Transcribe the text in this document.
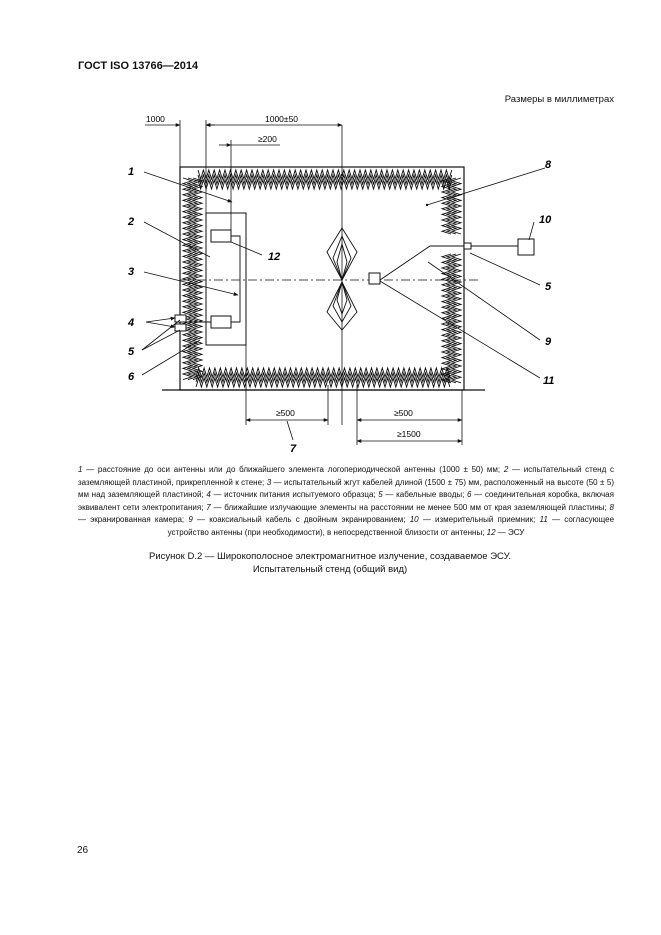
ГОСТ ISO 13766—2014
Размеры в миллиметрах
1000	1000±50
≥200
≥500	≥500
≥1500
1
2
3
4
5
6
12
8
10
5
9
11
7
1 — расстояние до оси антенны или до ближайшего элемента логопериодической антенны (1000 ± 50) мм; 2 — испытательный стенд с заземляющей пластиной, прикрепленной к стене; 3 — испытательный жгут кабелей длиной (1500 ± 75) мм, расположенный на высоте (50 ± 5) мм над заземляющей пластиной; 4 — источник питания испытуемого образца; 5 — кабельные вводы; 6 — соединительная коробка, включая эквивалент сети электропитания; 7 — ближайшие излучающие элементы на расстоянии не менее 500 мм от края заземляющей пластины; 8 — экранированная камера; 9 — коаксиальный кабель с двойным экранированием; 10 — измерительный приемник; 11 — согласующее устройство антенны (при необходимости), в непосредственной близости от антенны; 12 — ЭСУ
Рисунок D.2 — Широкополосное электромагнитное излучение, создаваемое ЭСУ.
Испытательный стенд (общий вид)
26
